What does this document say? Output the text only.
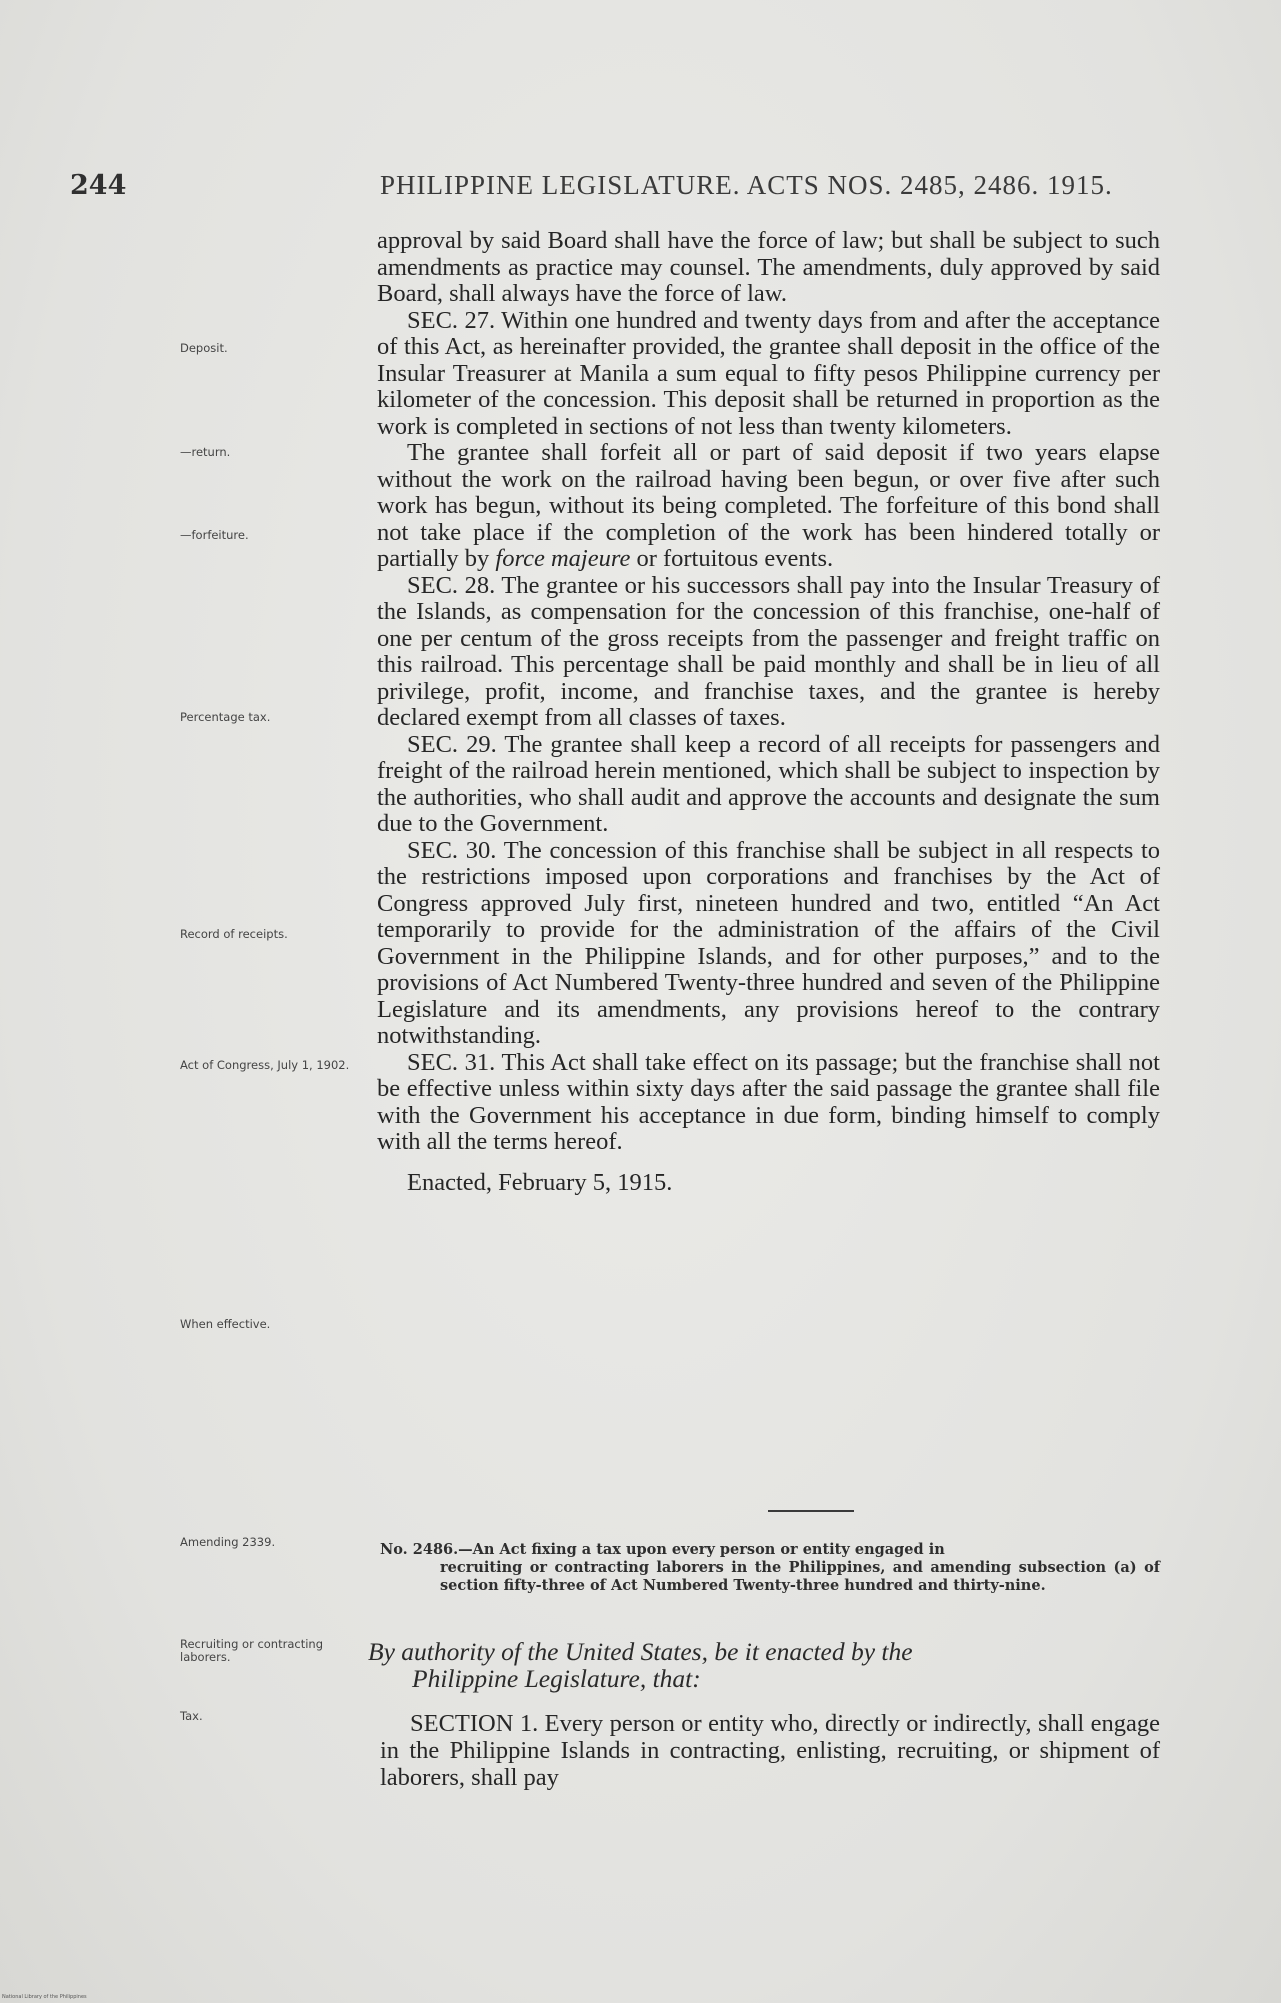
244	PHILIPPINE LEGISLATURE. ACTS NOS. 2485, 2486. 1915.
Deposit.
—return.
—forfeiture.
Percentage tax.
Record of receipts.
Act of Congress, July 1, 1902.
When effective.
Amending 2339.
Recruiting or contracting laborers.
Tax.

approval by said Board shall have the force of law; but shall be subject to such amendments as practice may counsel. The amendments, duly approved by said Board, shall always have the force of law.

SEC. 27. Within one hundred and twenty days from and after the acceptance of this Act, as hereinafter provided, the grantee shall deposit in the office of the Insular Treasurer at Manila a sum equal to fifty pesos Philippine currency per kilometer of the concession. This deposit shall be returned in proportion as the work is completed in sections of not less than twenty kilometers.

The grantee shall forfeit all or part of said deposit if two years elapse without the work on the railroad having been begun, or over five after such work has begun, without its being completed. The forfeiture of this bond shall not take place if the completion of the work has been hindered totally or partially by force majeure or fortuitous events.

SEC. 28. The grantee or his successors shall pay into the Insular Treasury of the Islands, as compensation for the concession of this franchise, one-half of one per centum of the gross receipts from the passenger and freight traffic on this railroad. This percentage shall be paid monthly and shall be in lieu of all privilege, profit, income, and franchise taxes, and the grantee is hereby declared exempt from all classes of taxes.

SEC. 29. The grantee shall keep a record of all receipts for passengers and freight of the railroad herein mentioned, which shall be subject to inspection by the authorities, who shall audit and approve the accounts and designate the sum due to the Government.

SEC. 30. The concession of this franchise shall be subject in all respects to the restrictions imposed upon corporations and franchises by the Act of Congress approved July first, nineteen hundred and two, entitled “An Act temporarily to provide for the administration of the affairs of the Civil Government in the Philippine Islands, and for other purposes,” and to the provisions of Act Numbered Twenty-three hundred and seven of the Philippine Legislature and its amendments, any provisions hereof to the contrary notwithstanding.

SEC. 31. This Act shall take effect on its passage; but the franchise shall not be effective unless within sixty days after the said passage the grantee shall file with the Government his acceptance in due form, binding himself to comply with all the terms hereof.

Enacted, February 5, 1915.

No. 2486.—An Act fixing a tax upon every person or entity engaged in
recruiting or contracting laborers in the Philippines, and amending subsection (a) of section fifty-three of Act Numbered Twenty-three hundred and thirty-nine.
By authority of the United States, be it enacted by the
Philippine Legislature, that:

SECTION 1. Every person or entity who, directly or indirectly, shall engage in the Philippine Islands in contracting, enlisting, recruiting, or shipment of laborers, shall pay

National Library of the Philippines
